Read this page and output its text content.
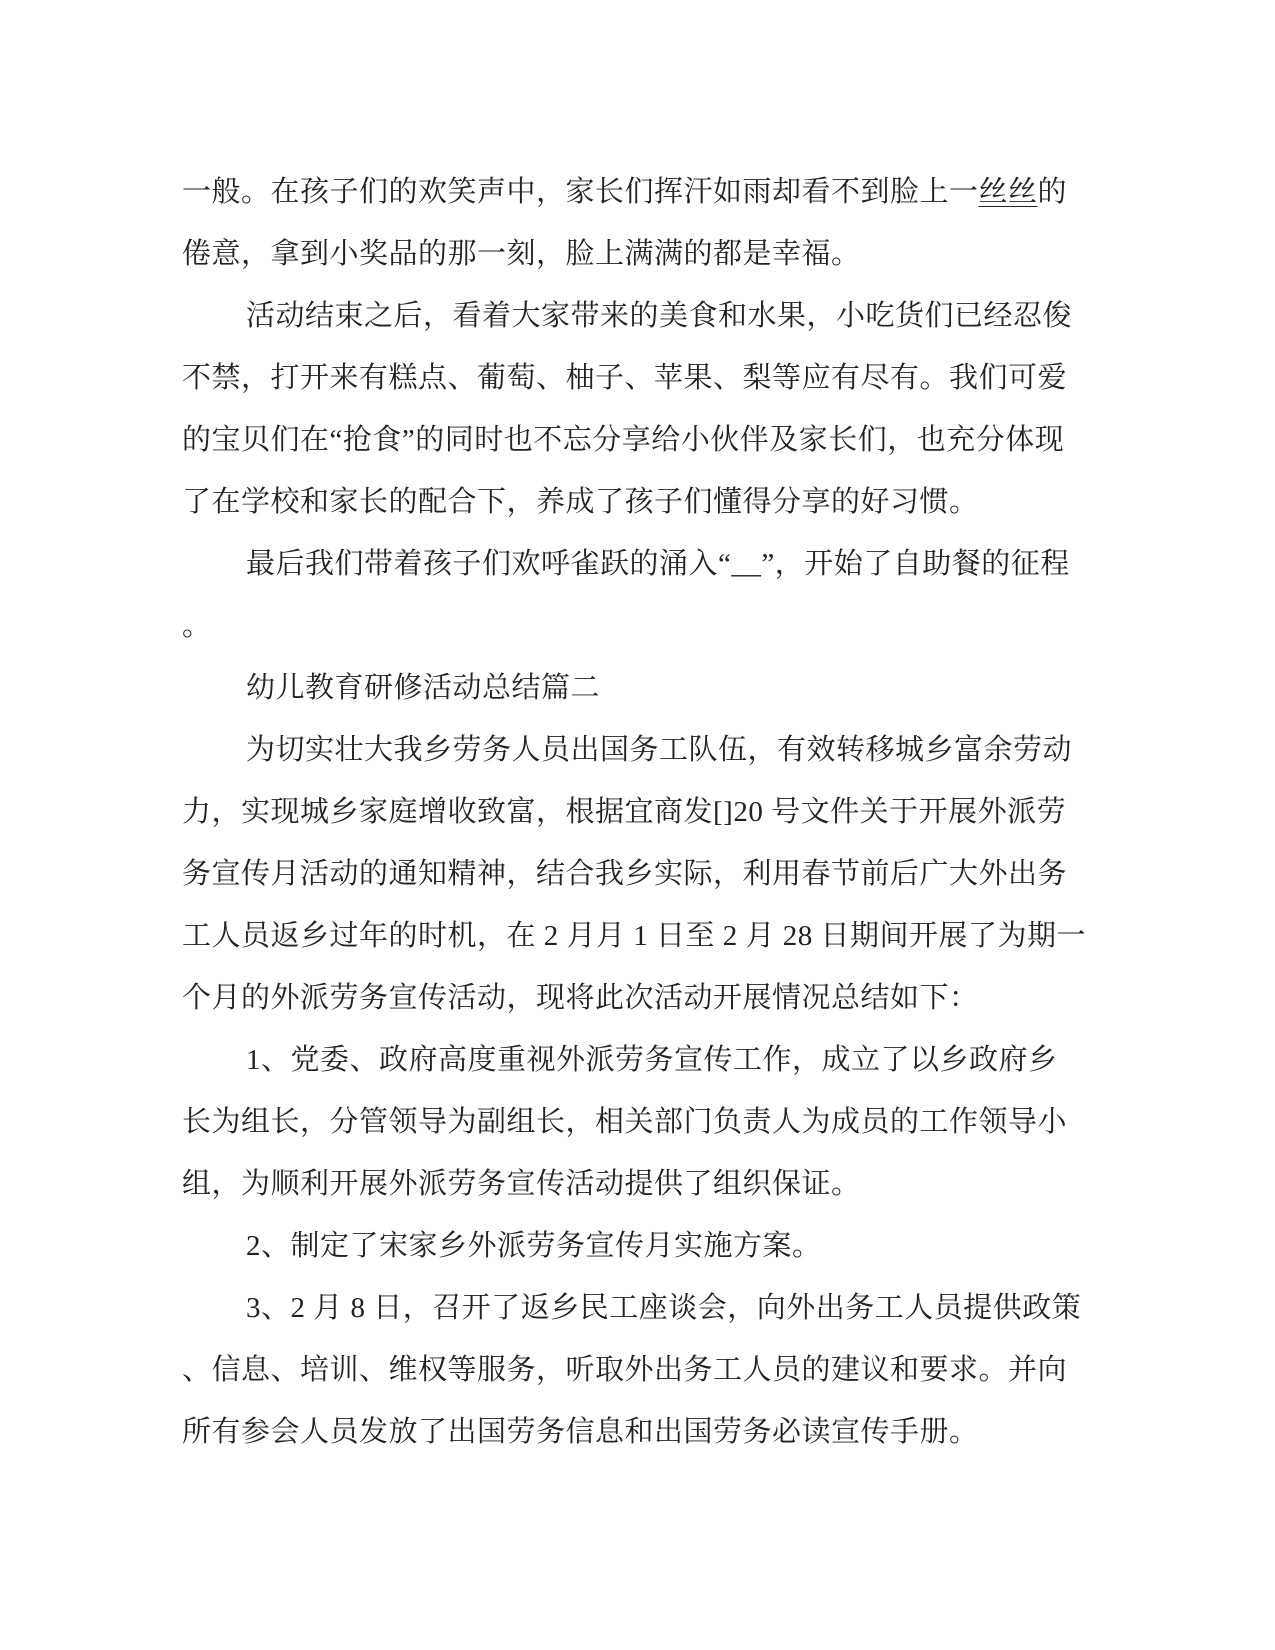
一般。在孩子们的欢笑声中，家长们挥汗如雨却看不到脸上一丝丝的
倦意，拿到小奖品的那一刻，脸上满满的都是幸福。
活动结束之后，看着大家带来的美食和水果，小吃货们已经忍俊
不禁，打开来有糕点、葡萄、柚子、苹果、梨等应有尽有。我们可爱
的宝贝们在“抢食”的同时也不忘分享给小伙伴及家长们，也充分体现
了在学校和家长的配合下，养成了孩子们懂得分享的好习惯。
最后我们带着孩子们欢呼雀跃的涌入“__”，开始了自助餐的征程
。
幼儿教育研修活动总结篇二
为切实壮大我乡劳务人员出国务工队伍，有效转移城乡富余劳动
力，实现城乡家庭增收致富，根据宜商发[]20 号文件关于开展外派劳
务宣传月活动的通知精神，结合我乡实际，利用春节前后广大外出务
工人员返乡过年的时机，在 2 月月 1 日至 2 月 28 日期间开展了为期一
个月的外派劳务宣传活动，现将此次活动开展情况总结如下：
1、党委、政府高度重视外派劳务宣传工作，成立了以乡政府乡
长为组长，分管领导为副组长，相关部门负责人为成员的工作领导小
组，为顺利开展外派劳务宣传活动提供了组织保证。
2、制定了宋家乡外派劳务宣传月实施方案。
3、2 月 8 日，召开了返乡民工座谈会，向外出务工人员提供政策
、信息、培训、维权等服务，听取外出务工人员的建议和要求。并向
所有参会人员发放了出国劳务信息和出国劳务必读宣传手册。
